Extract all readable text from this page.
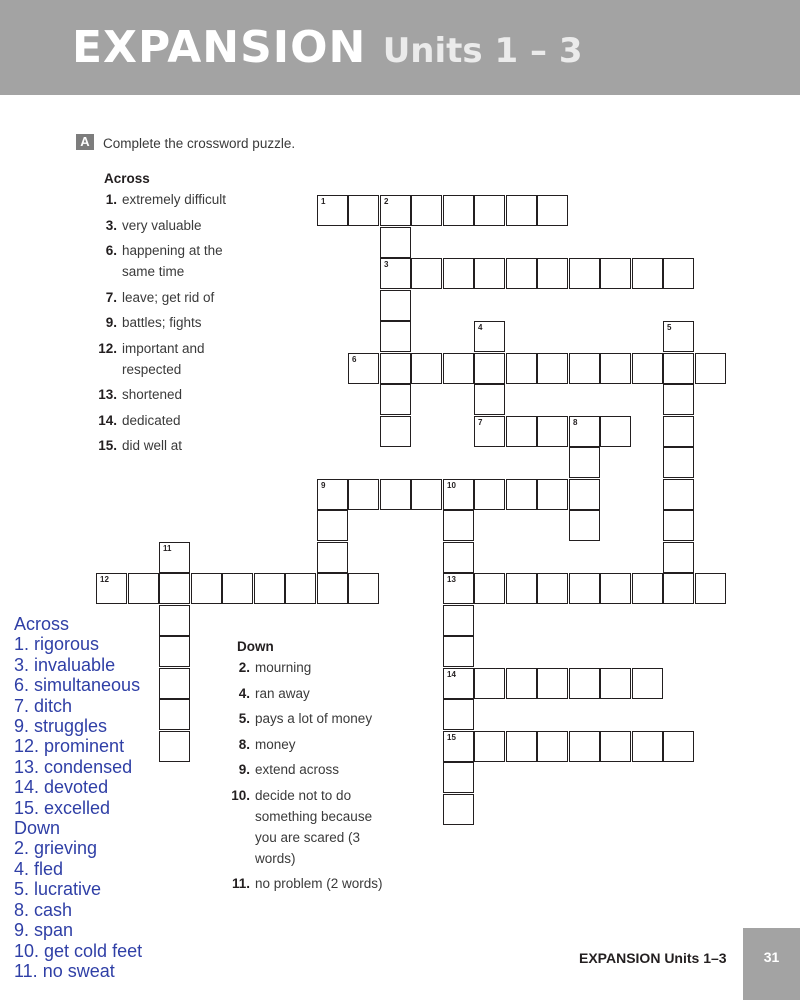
EXPANSION Units 1 – 3
A Complete the crossword puzzle.
Across
1. extremely difficult
3. very valuable
6. happening at the same time
7. leave; get rid of
9. battles; fights
12. important and respected
13. shortened
14. dedicated
15. did well at
Down
2. mourning
4. ran away
5. pays a lot of money
8. money
9. extend across
10. decide not to do something because you are scared (3 words)
11. no problem (2 words)
1	2
3
6
7	8
9	10
12	13
14
15
4	5
11
Across
1. rigorous
3. invaluable
6. simultaneous
7. ditch
9. struggles
12. prominent
13. condensed
14. devoted
15. excelled
Down
2. grieving
4. fled
5. lucrative
8. cash
9. span
10. get cold feet
11. no sweat
EXPANSION Units 1–3	31
